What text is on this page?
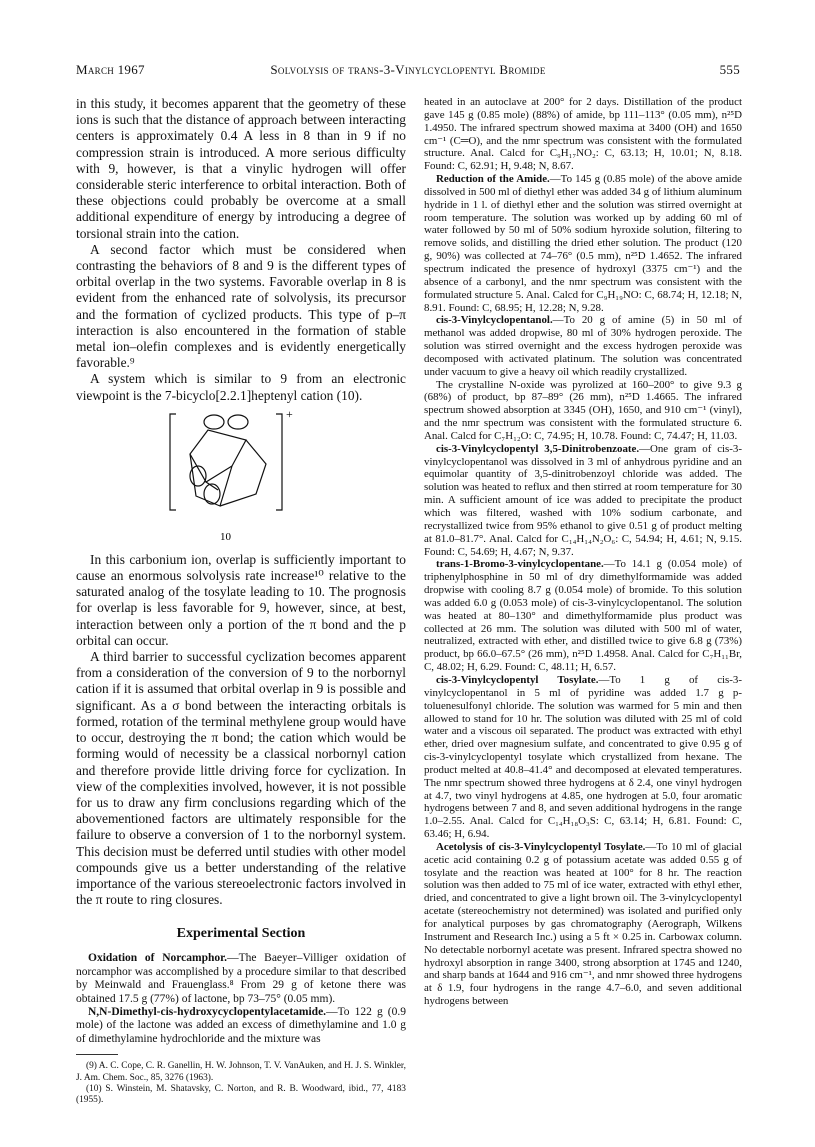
March 1967	Solvolysis of trans-3-Vinylcyclopentyl Bromide	555

in this study, it becomes apparent that the geometry of these ions is such that the distance of approach between interacting centers is approximately 0.4 A less in 8 than in 9 if no compression strain is introduced. A more serious difficulty with 9, however, is that a vinylic hydrogen will offer considerable steric interference to orbital interaction. Both of these objections could probably be overcome at a small additional expenditure of energy by introducing a degree of torsional strain into the cation.

A second factor which must be considered when contrasting the behaviors of 8 and 9 is the different types of orbital overlap in the two systems. Favorable overlap in 8 is evident from the enhanced rate of solvolysis, its precursor and the formation of cyclized products. This type of p–π interaction is also encountered in the formation of stable metal ion–olefin complexes and is evidently energetically favorable.⁹

A system which is similar to 9 from an electronic viewpoint is the 7-bicyclo[2.2.1]heptenyl cation (10).

+
10

In this carbonium ion, overlap is sufficiently important to cause an enormous solvolysis rate increase¹⁰ relative to the saturated analog of the tosylate leading to 10. The prognosis for overlap is less favorable for 9, however, since, at best, interaction between only a portion of the π bond and the p orbital can occur.

A third barrier to successful cyclization becomes apparent from a consideration of the conversion of 9 to the norbornyl cation if it is assumed that orbital overlap in 9 is possible and significant. As a σ bond between the interacting orbitals is formed, rotation of the terminal methylene group would have to occur, destroying the π bond; the cation which would be forming would of necessity be a classical norbornyl cation and therefore provide little driving force for cyclization. In view of the complexities involved, however, it is not possible for us to draw any firm conclusions regarding which of the abovementioned factors are ultimately responsible for the failure to observe a conversion of 1 to the norbornyl system. This decision must be deferred until studies with other model compounds give us a better understanding of the relative importance of the various stereoelectronic factors involved in the π route to ring closures.

Experimental Section

Oxidation of Norcamphor.—The Baeyer–Villiger oxidation of norcamphor was accomplished by a procedure similar to that described by Meinwald and Frauenglass.⁸ From 29 g of ketone there was obtained 17.5 g (77%) of lactone, bp 73–75° (0.05 mm).

N,N-Dimethyl-cis-hydroxycyclopentylacetamide.—To 122 g (0.9 mole) of the lactone was added an excess of dimethylamine and 1.0 g of dimethylamine hydrochloride and the mixture was

(9) A. C. Cope, C. R. Ganellin, H. W. Johnson, T. V. VanAuken, and H. J. S. Winkler, J. Am. Chem. Soc., 85, 3276 (1963).

(10) S. Winstein, M. Shatavsky, C. Norton, and R. B. Woodward, ibid., 77, 4183 (1955).

heated in an autoclave at 200° for 2 days. Distillation of the product gave 145 g (0.85 mole) (88%) of amide, bp 111–113° (0.05 mm), n²⁵D 1.4950. The infrared spectrum showed maxima at 3400 (OH) and 1650 cm⁻¹ (C═O), and the nmr spectrum was consistent with the formulated structure. Anal. Calcd for C₉H₁₇NO₂: C, 63.13; H, 10.01; N, 8.18. Found: C, 62.91; H, 9.48; N, 8.67.

Reduction of the Amide.—To 145 g (0.85 mole) of the above amide dissolved in 500 ml of diethyl ether was added 34 g of lithium aluminum hydride in 1 l. of diethyl ether and the solution was stirred overnight at room temperature. The solution was worked up by adding 60 ml of water followed by 50 ml of 50% sodium hyroxide solution, filtering to remove solids, and distilling the dried ether solution. The product (120 g, 90%) was collected at 74–76° (0.5 mm), n²⁵D 1.4652. The infrared spectrum indicated the presence of hydroxyl (3375 cm⁻¹) and the absence of a carbonyl, and the nmr spectrum was consistent with the formulated structure 5. Anal. Calcd for C₉H₁₉NO: C, 68.74; H, 12.18; N, 8.91. Found: C, 68.95; H, 12.28; N, 9.28.

cis-3-Vinylcyclopentanol.—To 20 g of amine (5) in 50 ml of methanol was added dropwise, 80 ml of 30% hydrogen peroxide. The solution was stirred overnight and the excess hydrogen peroxide was decomposed with activated platinum. The solution was concentrated under vacuum to give a heavy oil which readily crystallized.

The crystalline N-oxide was pyrolized at 160–200° to give 9.3 g (68%) of product, bp 87–89° (26 mm), n²⁵D 1.4665. The infrared spectrum showed absorption at 3345 (OH), 1650, and 910 cm⁻¹ (vinyl), and the nmr spectrum was consistent with the formulated structure 6. Anal. Calcd for C₇H₁₂O: C, 74.95; H, 10.78. Found: C, 74.47; H, 11.03.

cis-3-Vinylcyclopentyl 3,5-Dinitrobenzoate.—One gram of cis-3-vinylcyclopentanol was dissolved in 3 ml of anhydrous pyridine and an equimolar quantity of 3,5-dinitrobenzoyl chloride was added. The solution was heated to reflux and then stirred at room temperature for 30 min. A sufficient amount of ice was added to precipitate the product which was filtered, washed with 10% sodium carbonate, and recrystallized twice from 95% ethanol to give 0.51 g of product melting at 81.0–81.7°. Anal. Calcd for C₁₄H₁₄N₂O₆: C, 54.94; H, 4.61; N, 9.15. Found: C, 54.69; H, 4.67; N, 9.37.

trans-1-Bromo-3-vinylcyclopentane.—To 14.1 g (0.054 mole) of triphenylphosphine in 50 ml of dry dimethylformamide was added dropwise with cooling 8.7 g (0.054 mole) of bromide. To this solution was added 6.0 g (0.053 mole) of cis-3-vinylcyclopentanol. The solution was heated at 80–130° and dimethylformamide plus product was collected at 26 mm. The solution was diluted with 500 ml of water, neutralized, extracted with ether, and distilled twice to give 6.8 g (73%) product, bp 66.0–67.5° (26 mm), n²⁵D 1.4958. Anal. Calcd for C₇H₁₁Br, C, 48.02; H, 6.29. Found: C, 48.11; H, 6.57.

cis-3-Vinylcyclopentyl Tosylate.—To 1 g of cis-3-vinylcyclopentanol in 5 ml of pyridine was added 1.7 g p-toluenesulfonyl chloride. The solution was warmed for 5 min and then allowed to stand for 10 hr. The solution was diluted with 25 ml of cold water and a viscous oil separated. The product was extracted with ethyl ether, dried over magnesium sulfate, and concentrated to give 0.95 g of cis-3-vinylcyclopentyl tosylate which crystallized from hexane. The product melted at 40.8–41.4° and decomposed at elevated temperatures. The nmr spectrum showed three hydrogens at δ 2.4, one vinyl hydrogen at 4.7, two vinyl hydrogens at 4.85, one hydrogen at 5.0, four aromatic hydrogens between 7 and 8, and seven additional hydrogens in the range 1.0–2.55. Anal. Calcd for C₁₄H₁₈O₃S: C, 63.14; H, 6.81. Found: C, 63.46; H, 6.94.

Acetolysis of cis-3-Vinylcyclopentyl Tosylate.—To 10 ml of glacial acetic acid containing 0.2 g of potassium acetate was added 0.55 g of tosylate and the reaction was heated at 100° for 8 hr. The reaction solution was then added to 75 ml of ice water, extracted with ethyl ether, dried, and concentrated to give a light brown oil. The 3-vinylcyclopentyl acetate (stereochemistry not determined) was isolated and purified only for analytical purposes by gas chromatography (Aerograph, Wilkens Instrument and Research Inc.) using a 5 ft × 0.25 in. Carbowax column. No detectable norbornyl acetate was present. Infrared spectra showed no hydroxyl absorption in range 3400, strong absorption at 1745 and 1240, and sharp bands at 1644 and 916 cm⁻¹, and nmr showed three hydrogens at δ 1.9, four hydrogens in the range 4.7–6.0, and seven additional hydrogens between
